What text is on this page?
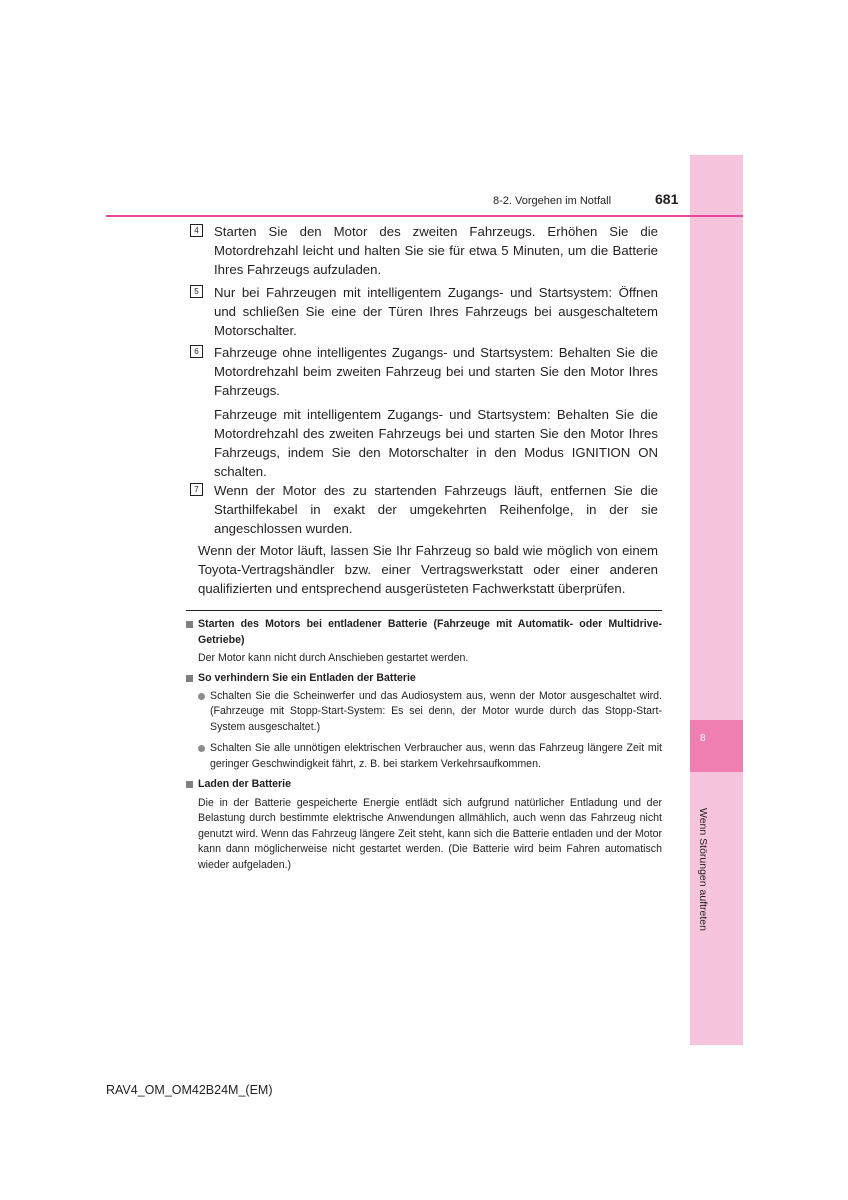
8
Wenn Störungen auftreten
8-2. Vorgehen im Notfall	681
4	Starten Sie den Motor des zweiten Fahrzeugs. Erhöhen Sie die Motordrehzahl leicht und halten Sie sie für etwa 5 Minuten, um die Batterie Ihres Fahrzeugs aufzuladen.

5	Nur bei Fahrzeugen mit intelligentem Zugangs- und Startsystem: Öffnen und schließen Sie eine der Türen Ihres Fahrzeugs bei ausgeschaltetem Motorschalter.

6	Fahrzeuge ohne intelligentes Zugangs- und Startsystem: Behalten Sie die Motordrehzahl beim zweiten Fahrzeug bei und starten Sie den Motor Ihres Fahrzeugs.

Fahrzeuge mit intelligentem Zugangs- und Startsystem: Behalten Sie die Motordrehzahl des zweiten Fahrzeugs bei und starten Sie den Motor Ihres Fahrzeugs, indem Sie den Motorschalter in den Modus IGNITION ON schalten.

7	Wenn der Motor des zu startenden Fahrzeugs läuft, entfernen Sie die Starthilfekabel in exakt der umgekehrten Reihenfolge, in der sie angeschlossen wurden.

Wenn der Motor läuft, lassen Sie Ihr Fahrzeug so bald wie möglich von einem Toyota-Vertragshändler bzw. einer Vertragswerkstatt oder einer anderen qualifizierten und entsprechend ausgerüsteten Fachwerkstatt überprüfen.

Starten des Motors bei entladener Batterie (Fahrzeuge mit Automatik- oder Multidrive-Getriebe)
Der Motor kann nicht durch Anschieben gestartet werden.
So verhindern Sie ein Entladen der Batterie
Schalten Sie die Scheinwerfer und das Audiosystem aus, wenn der Motor ausgeschaltet wird. (Fahrzeuge mit Stopp-Start-System: Es sei denn, der Motor wurde durch das Stopp-Start-System ausgeschaltet.)
Schalten Sie alle unnötigen elektrischen Verbraucher aus, wenn das Fahrzeug längere Zeit mit geringer Geschwindigkeit fährt, z. B. bei starkem Verkehrsaufkommen.
Laden der Batterie
Die in der Batterie gespeicherte Energie entlädt sich aufgrund natürlicher Entladung und der Belastung durch bestimmte elektrische Anwendungen allmählich, auch wenn das Fahrzeug nicht genutzt wird. Wenn das Fahrzeug längere Zeit steht, kann sich die Batterie entladen und der Motor kann dann möglicherweise nicht gestartet werden. (Die Batterie wird beim Fahren automatisch wieder aufgeladen.)
RAV4_OM_OM42B24M_(EM)
